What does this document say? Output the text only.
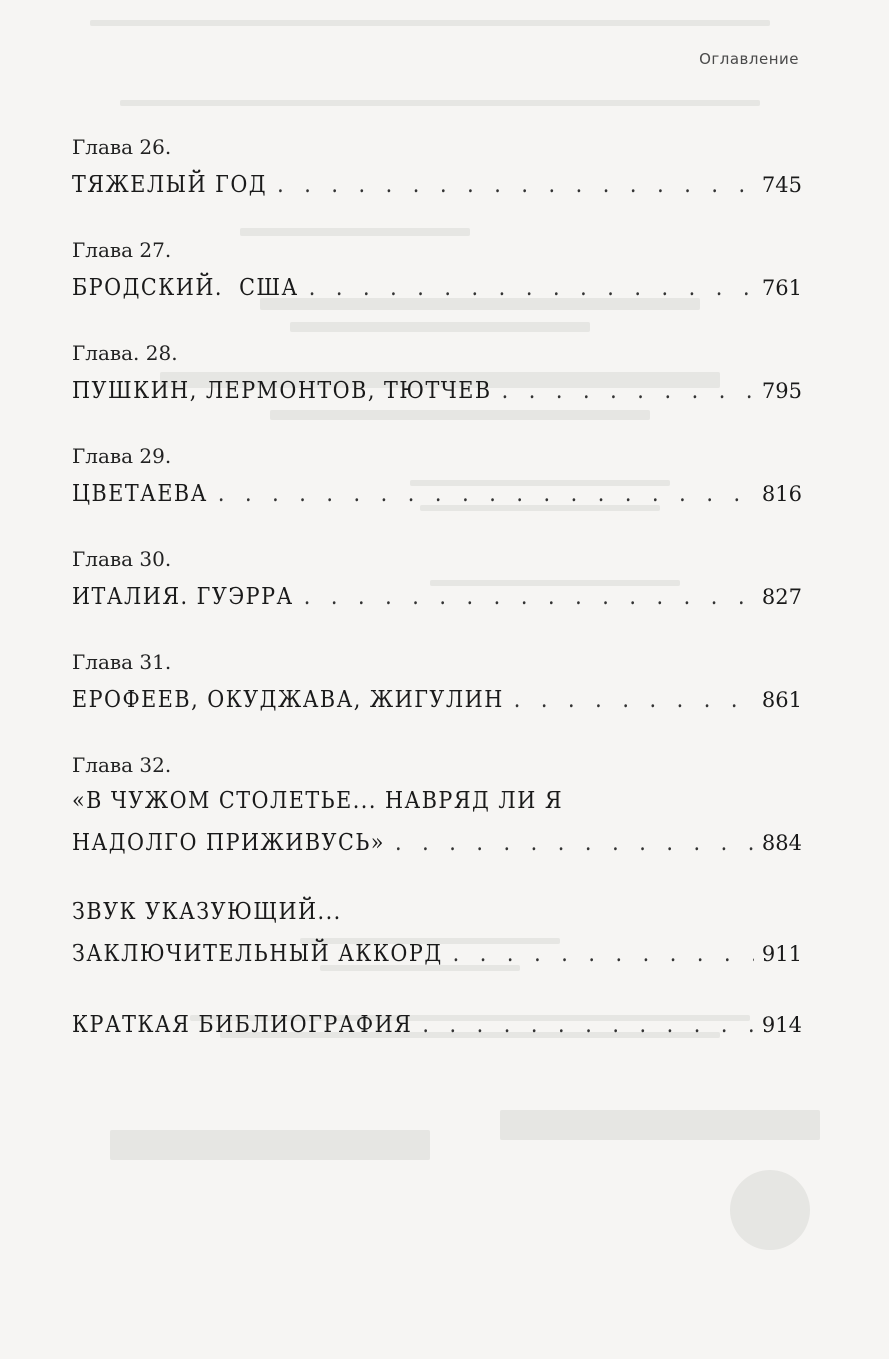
Оглавление
Глава 26.
ТЯЖЕЛЫЙ ГОД . . .	745
Глава 27.
БРОДСКИЙ.  США . . .	761
Глава. 28.
ПУШКИН, ЛЕРМОНТОВ, ТЮТЧЕВ . . .	795
Глава 29.
ЦВЕТАЕВА . . .	816
Глава 30.
ИТАЛИЯ. ГУЭРРА . . .	827
Глава 31.
ЕРОФЕЕВ, ОКУДЖАВА, ЖИГУЛИН . . .	861
Глава 32.
«В ЧУЖОМ СТОЛЕТЬЕ... НАВРЯД ЛИ Я
НАДОЛГО ПРИЖИВУСЬ» . . .	884
ЗВУК УКАЗУЮЩИЙ...
ЗАКЛЮЧИТЕЛЬНЫЙ АККОРД . . .	911
КРАТКАЯ БИБЛИОГРАФИЯ . . .	914
